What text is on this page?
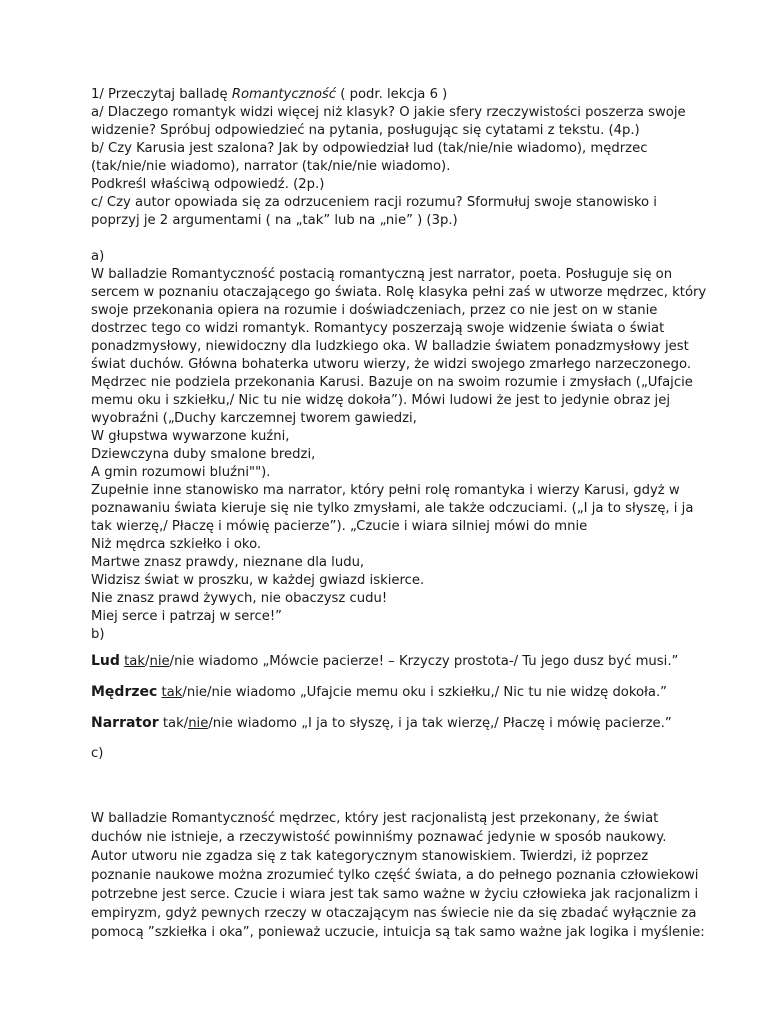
1/ Przeczytaj balladę Romantyczność ( podr. lekcja 6 )
a/ Dlaczego romantyk widzi więcej niż klasyk? O jakie sfery rzeczywistości poszerza swoje
widzenie? Spróbuj odpowiedzieć na pytania, posługując się cytatami z tekstu. (4p.)
b/ Czy Karusia jest szalona? Jak by odpowiedział lud (tak/nie/nie wiadomo), mędrzec
(tak/nie/nie wiadomo), narrator (tak/nie/nie wiadomo).
Podkreśl właściwą odpowiedź. (2p.)
c/ Czy autor opowiada się za odrzuceniem racji rozumu? Sformułuj swoje stanowisko i
poprzyj je 2 argumentami ( na „tak” lub na „nie” ) (3p.)
a)
W balladzie Romantyczność postacią romantyczną jest narrator, poeta. Posługuje się on
sercem w poznaniu otaczającego go świata. Rolę klasyka pełni zaś w utworze mędrzec, który
swoje przekonania opiera na rozumie i doświadczeniach, przez co nie jest on w stanie
dostrzec tego co widzi romantyk. Romantycy poszerzają swoje widzenie świata o świat
ponadzmysłowy, niewidoczny dla ludzkiego oka. W balladzie światem ponadzmysłowy jest
świat duchów. Główna bohaterka utworu wierzy, że widzi swojego zmarłego narzeczonego.
Mędrzec nie podziela przekonania Karusi. Bazuje on na swoim rozumie i zmysłach („Ufajcie
memu oku i szkiełku,/ Nic tu nie widzę dokoła”). Mówi ludowi że jest to jedynie obraz jej
wyobraźni („Duchy karczemnej tworem gawiedzi,
W głupstwa wywarzone kuźni,
Dziewczyna duby smalone bredzi,
A gmin rozumowi bluźni"").
Zupełnie inne stanowisko ma narrator, który pełni rolę romantyka i wierzy Karusi, gdyż w
poznawaniu świata kieruje się nie tylko zmysłami, ale także odczuciami. („I ja to słyszę, i ja
tak wierzę,/ Płaczę i mówię pacierze”). „Czucie i wiara silniej mówi do mnie
Niż mędrca szkiełko i oko.
Martwe znasz prawdy, nieznane dla ludu,
Widzisz świat w proszku, w każdej gwiazd iskierce.
Nie znasz prawd żywych, nie obaczysz cudu!
Miej serce i patrzaj w serce!”
b)
Lud tak/nie/nie wiadomo „Mówcie pacierze! – Krzyczy prostota-/ Tu jego dusz być musi.”
Mędrzec tak/nie/nie wiadomo „Ufajcie memu oku i szkiełku,/ Nic tu nie widzę dokoła.”
Narrator tak/nie/nie wiadomo „I ja to słyszę, i ja tak wierzę,/ Płaczę i mówię pacierze.”
c)
W balladzie Romantyczność mędrzec, który jest racjonalistą jest przekonany, że świat
duchów nie istnieje, a rzeczywistość powinniśmy poznawać jedynie w sposób naukowy.
Autor utworu nie zgadza się z tak kategorycznym stanowiskiem. Twierdzi, iż poprzez
poznanie naukowe można zrozumieć tylko część świata, a do pełnego poznania człowiekowi
potrzebne jest serce. Czucie i wiara jest tak samo ważne w życiu człowieka jak racjonalizm i
empiryzm, gdyż pewnych rzeczy w otaczającym nas świecie nie da się zbadać wyłącznie za
pomocą ”szkiełka i oka”, ponieważ uczucie, intuicja są tak samo ważne jak logika i myślenie:
